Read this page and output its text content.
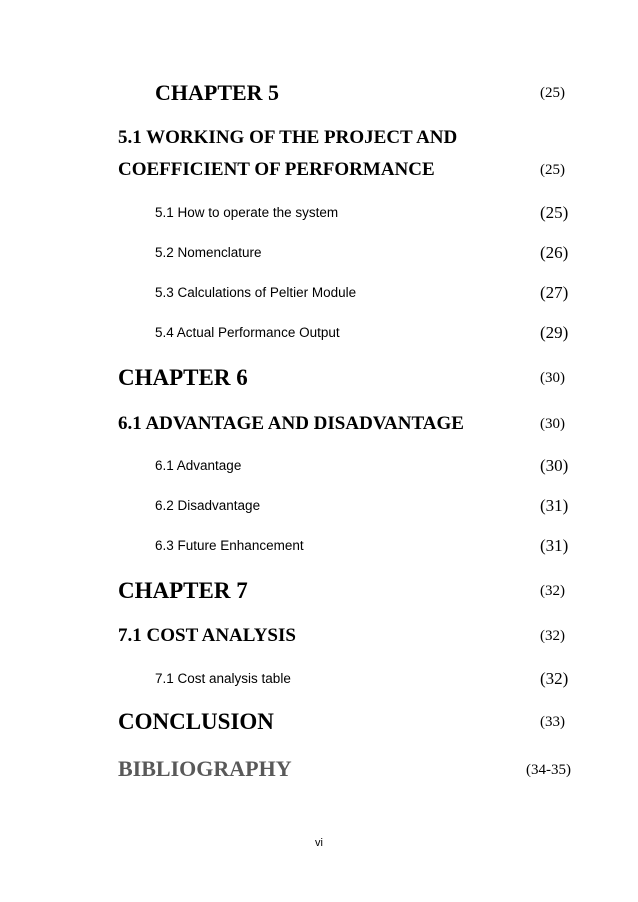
CHAPTER 5	(25)
5.1 WORKING OF THE PROJECT AND
COEFFICIENT OF PERFORMANCE	(25)
5.1 How to operate the system	(25)
5.2 Nomenclature	(26)
5.3 Calculations of Peltier Module	(27)
5.4 Actual Performance Output	(29)
CHAPTER 6	(30)
6.1 ADVANTAGE AND DISADVANTAGE	(30)
6.1 Advantage	(30)
6.2 Disadvantage	(31)
6.3 Future Enhancement	(31)
CHAPTER 7	(32)
7.1 COST ANALYSIS	(32)
7.1 Cost analysis table	(32)
CONCLUSION	(33)
BIBLIOGRAPHY	(34-35)
vi
